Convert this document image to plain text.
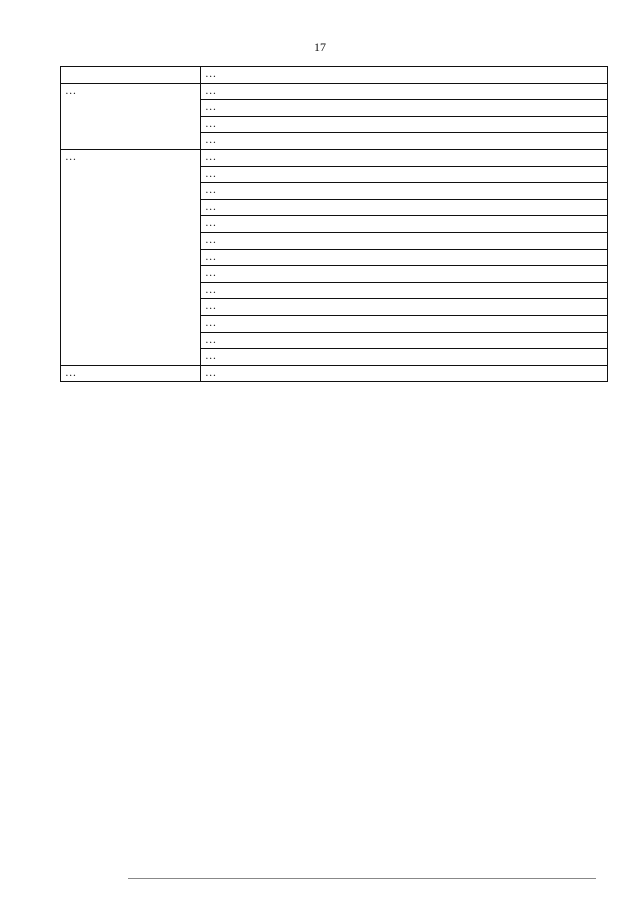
17
	…

…	…
	…
	…
	…

…	…
	…
	…
	…
	…
	…
	…
	…
	…
	…
	…
	…
	…

…	…
